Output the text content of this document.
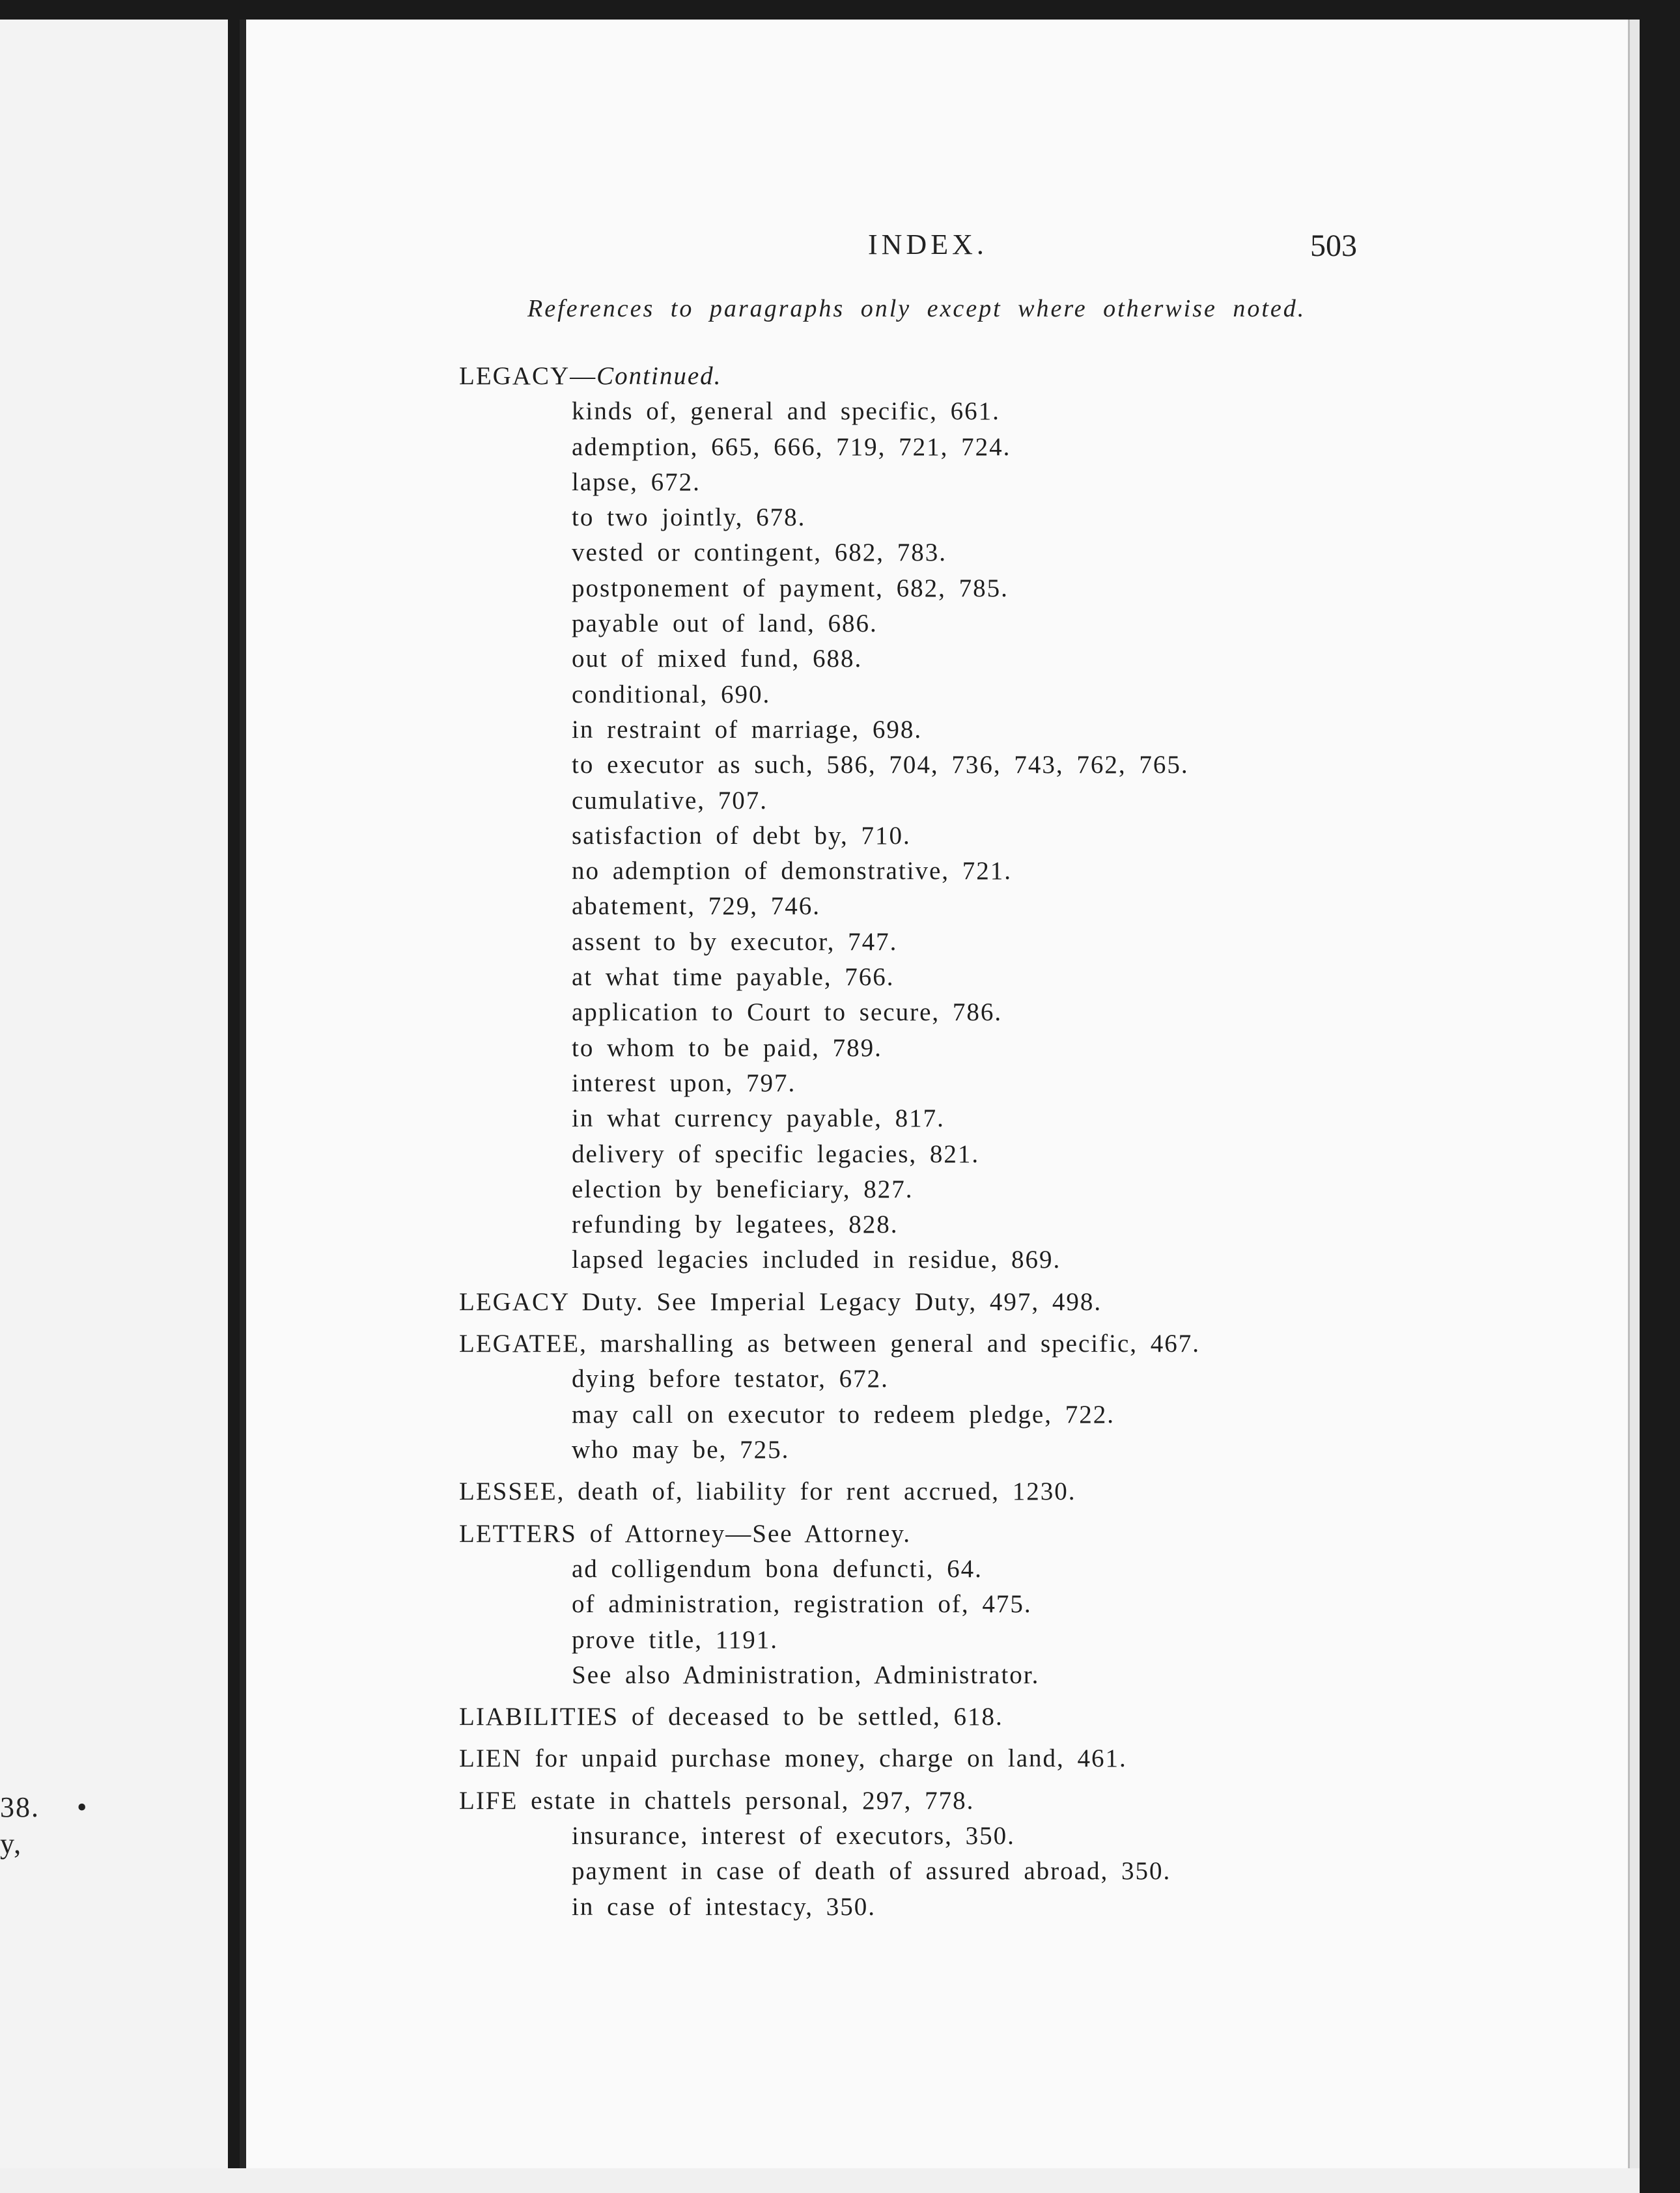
38. •
y,
INDEX.	503
References to paragraphs only except where otherwise noted.
LEGACY—Continued.
kinds of, general and specific, 661.
ademption, 665, 666, 719, 721, 724.
lapse, 672.
to two jointly, 678.
vested or contingent, 682, 783.
postponement of payment, 682, 785.
payable out of land, 686.
out of mixed fund, 688.
conditional, 690.
in restraint of marriage, 698.
to executor as such, 586, 704, 736, 743, 762, 765.
cumulative, 707.
satisfaction of debt by, 710.
no ademption of demonstrative, 721.
abatement, 729, 746.
assent to by executor, 747.
at what time payable, 766.
application to Court to secure, 786.
to whom to be paid, 789.
interest upon, 797.
in what currency payable, 817.
delivery of specific legacies, 821.
election by beneficiary, 827.
refunding by legatees, 828.
lapsed legacies included in residue, 869.
LEGACY Duty. See Imperial Legacy Duty, 497, 498.
LEGATEE, marshalling as between general and specific, 467.
dying before testator, 672.
may call on executor to redeem pledge, 722.
who may be, 725.
LESSEE, death of, liability for rent accrued, 1230.
LETTERS of Attorney—See Attorney.
ad colligendum bona defuncti, 64.
of administration, registration of, 475.
prove title, 1191.
See also Administration, Administrator.
LIABILITIES of deceased to be settled, 618.
LIEN for unpaid purchase money, charge on land, 461.
LIFE estate in chattels personal, 297, 778.
insurance, interest of executors, 350.
payment in case of death of assured abroad, 350.
in case of intestacy, 350.
